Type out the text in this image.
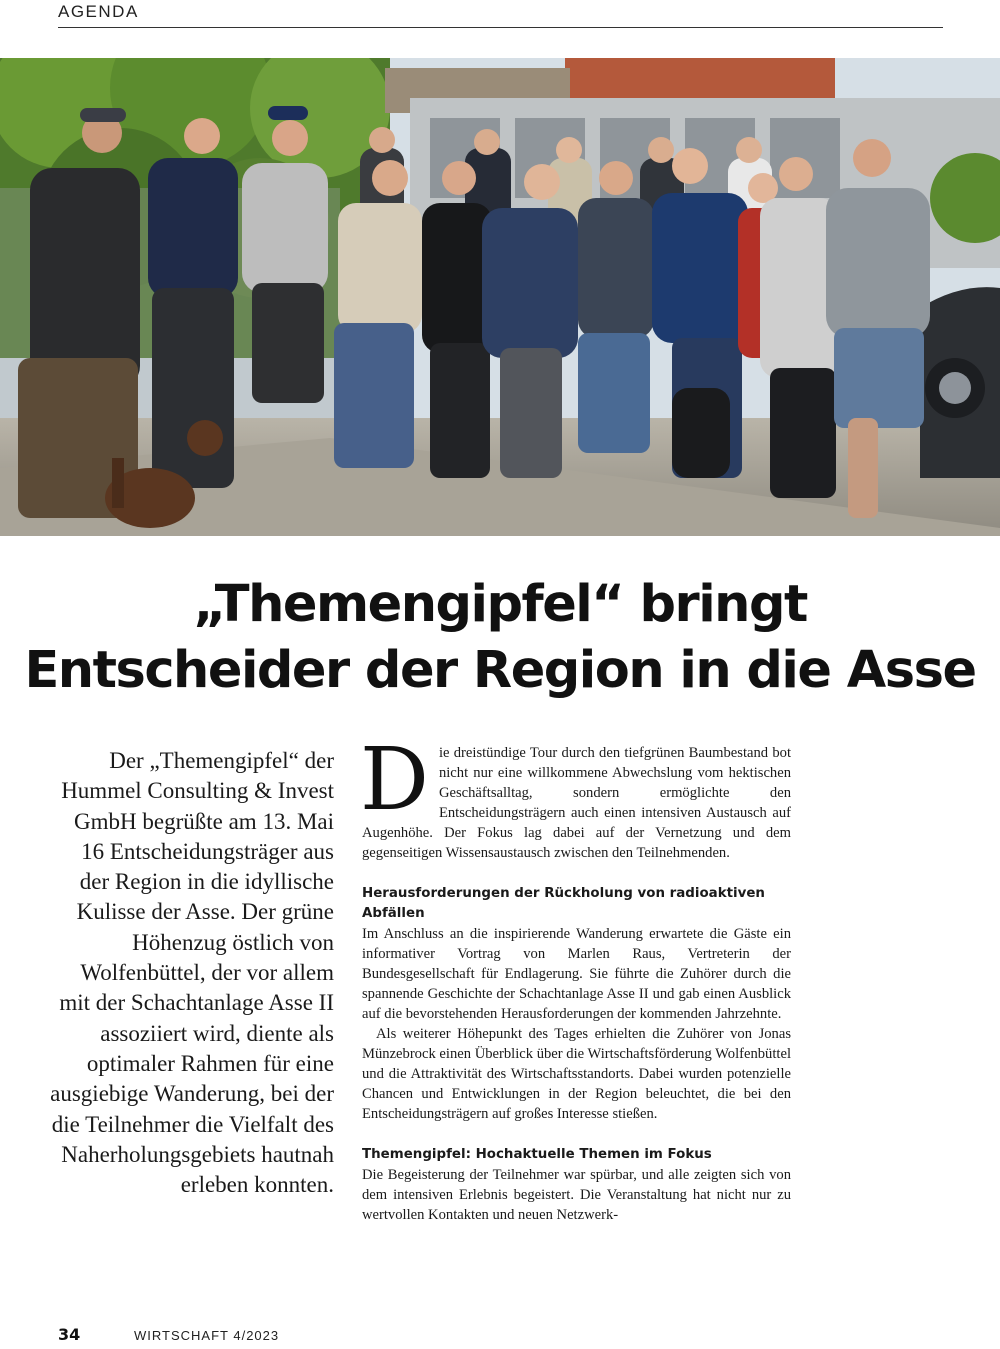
AGENDA
„Themengipfel“ bringt
Entscheider der Region in die Asse

Der „Themengipfel“ der Hummel Consulting & Invest GmbH begrüßte am 13. Mai 16 Entscheidungsträger aus der Region in die idyllische Kulisse der Asse. Der grüne Höhenzug östlich von Wolfenbüttel, der vor allem mit der Schachtanlage Asse II assoziiert wird, diente als optimaler Rahmen für eine ausgiebige Wanderung, bei der die Teilnehmer die Vielfalt des Naherholungsgebiets hautnah erleben konnten.

Die dreistündige Tour durch den tiefgrünen Baumbestand bot nicht nur eine willkommene Abwechslung vom hektischen Geschäftsalltag, sondern ermöglichte den Entscheidungsträgern auch einen intensiven Austausch auf Augenhöhe. Der Fokus lag dabei auf der Vernetzung und dem gegenseitigen Wissensaustausch zwischen den Teilnehmenden.

Herausforderungen der Rückholung von radioaktiven Abfällen

Im Anschluss an die inspirierende Wanderung erwartete die Gäste ein informativer Vortrag von Marlen Raus, Vertreterin der Bundesgesellschaft für Endlagerung. Sie führte die Zuhörer durch die spannende Geschichte der Schachtanlage Asse II und gab einen Ausblick auf die bevorstehenden Herausforderungen der kommenden Jahrzehnte.

Als weiterer Höhepunkt des Tages erhielten die Zuhörer von Jonas Münzebrock einen Überblick über die Wirtschaftsförderung Wolfenbüttel und die Attraktivität des Wirtschaftsstandorts. Dabei wurden potenzielle Chancen und Entwicklungen in der Region beleuchtet, die bei den Entscheidungsträgern auf großes Interesse stießen.

Themengipfel: Hochaktuelle Themen im Fokus

Die Begeisterung der Teilnehmer war spürbar, und alle zeigten sich von dem intensiven Erlebnis begeistert. Die Veranstaltung hat nicht nur zu wertvollen Kontakten und neuen Netzwerk-

34	WIRTSCHAFT 4/2023
